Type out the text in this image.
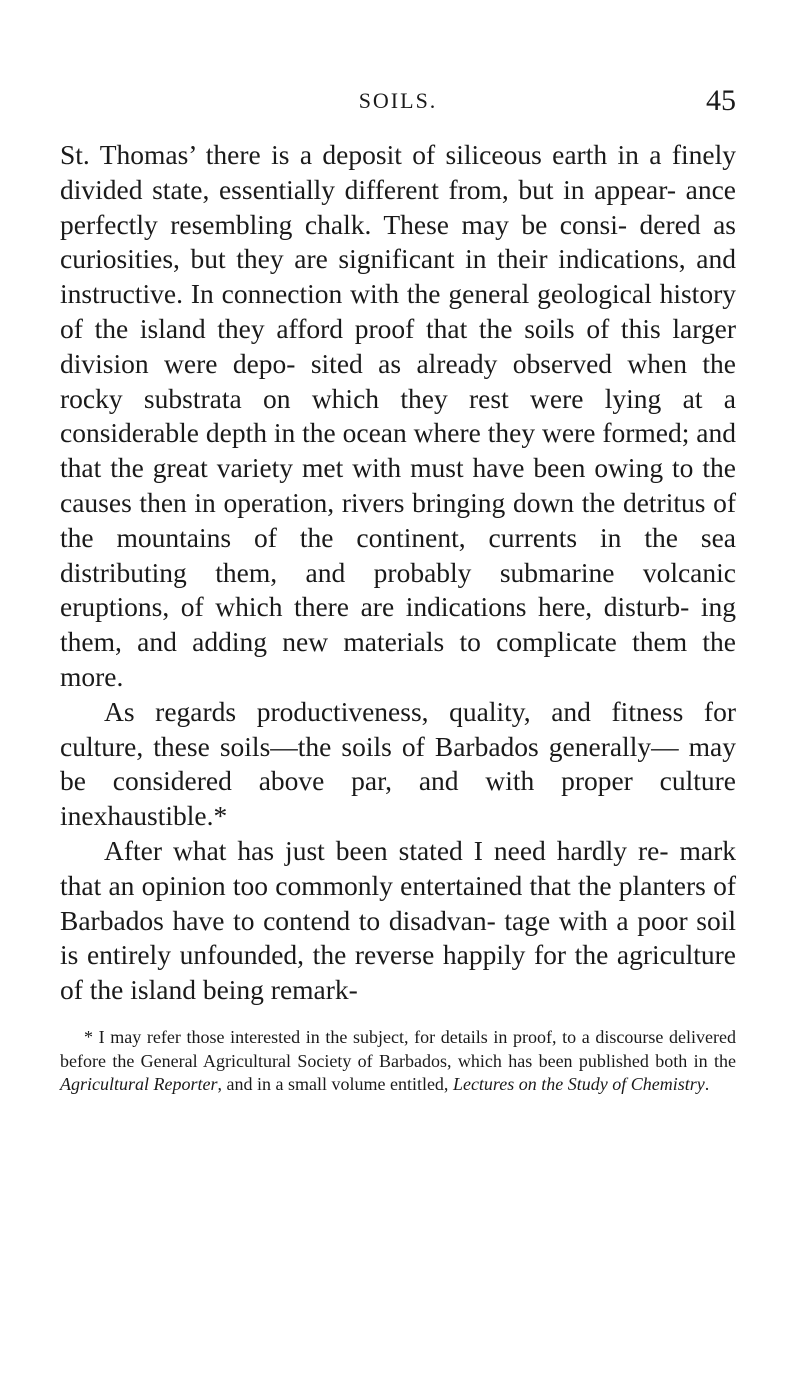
SOILS.	45

St. Thomas’ there is a deposit of siliceous earth in a finely divided state, essentially different from, but in appear- ance perfectly resembling chalk. These may be consi- dered as curiosities, but they are significant in their indications, and instructive. In connection with the general geological history of the island they afford proof that the soils of this larger division were depo- sited as already observed when the rocky substrata on which they rest were lying at a considerable depth in the ocean where they were formed; and that the great variety met with must have been owing to the causes then in operation, rivers bringing down the detritus of the mountains of the continent, currents in the sea distributing them, and probably submarine volcanic eruptions, of which there are indications here, disturb- ing them, and adding new materials to complicate them the more.

As regards productiveness, quality, and fitness for culture, these soils—the soils of Barbados generally— may be considered above par, and with proper culture inexhaustible.*

After what has just been stated I need hardly re- mark that an opinion too commonly entertained that the planters of Barbados have to contend to disadvan- tage with a poor soil is entirely unfounded, the reverse happily for the agriculture of the island being remark-

* I may refer those interested in the subject, for details in proof, to a discourse delivered before the General Agricultural Society of Barbados, which has been published both in the Agricultural Reporter, and in a small volume entitled, Lectures on the Study of Chemistry.
